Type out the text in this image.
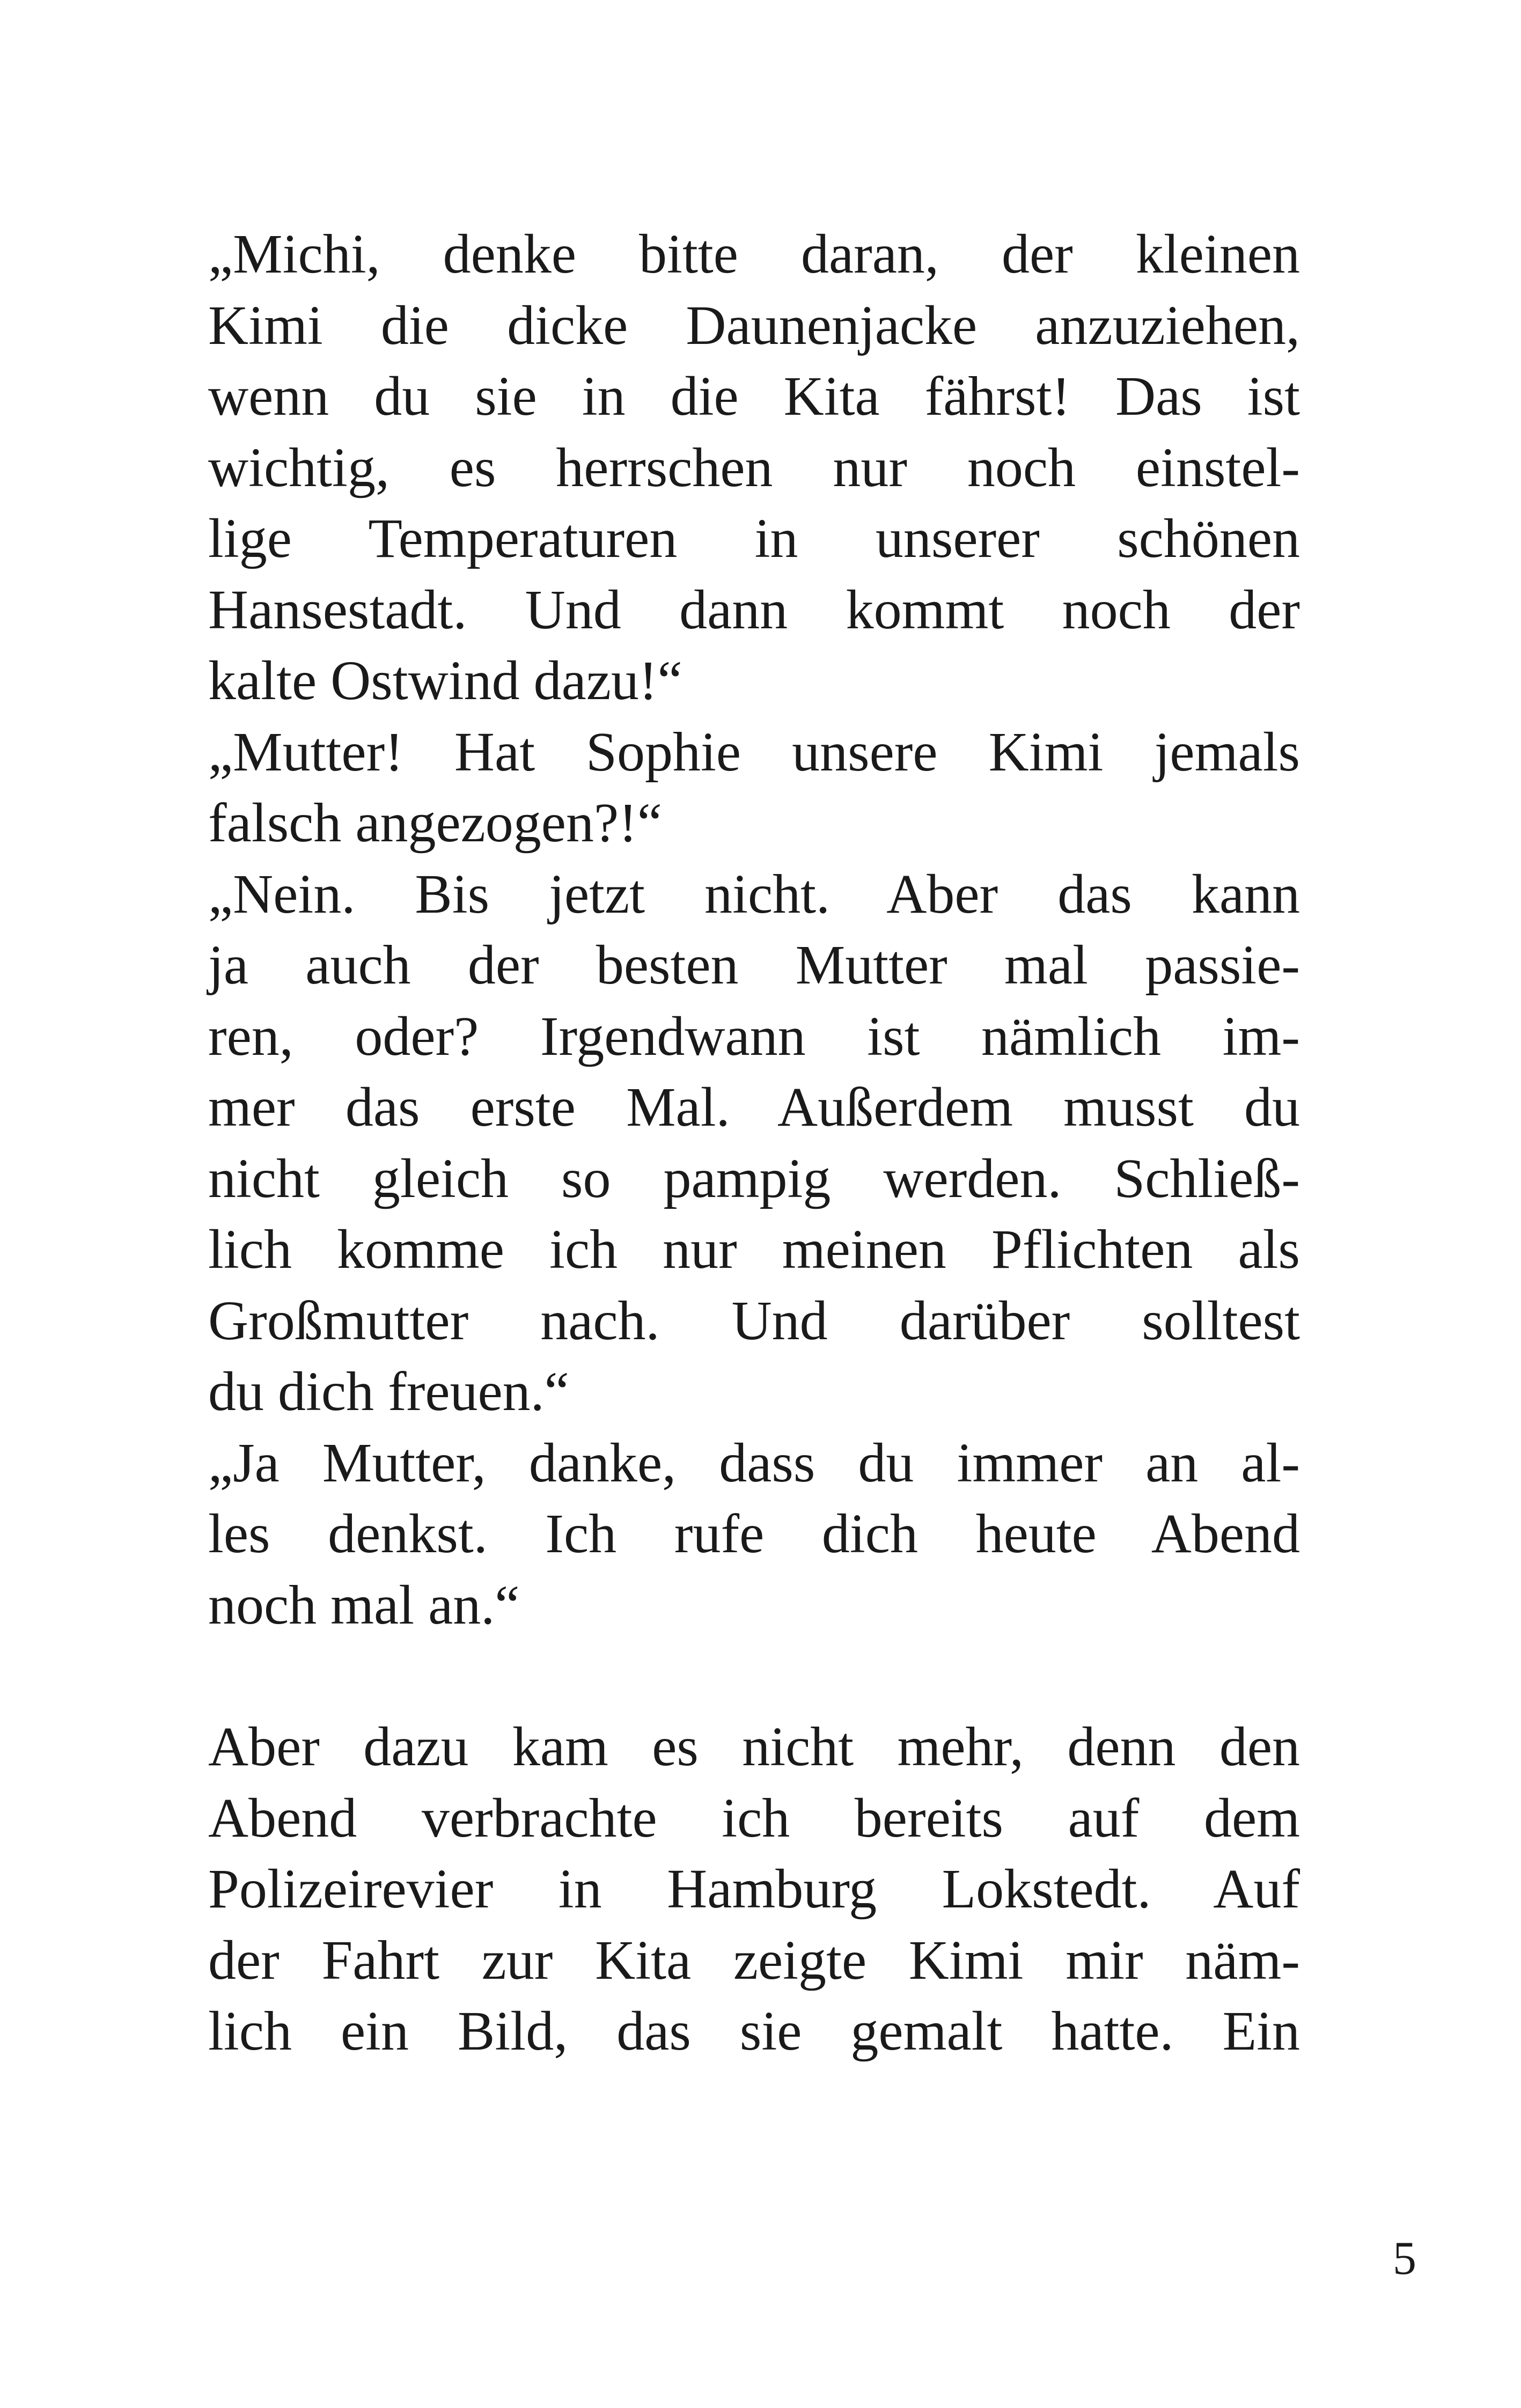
„Michi, denke bitte daran, der kleinen
Kimi die dicke Daunenjacke anzuziehen,
wenn du sie in die Kita fährst! Das ist
wichtig, es herrschen nur noch einstel-
lige Temperaturen in unserer schönen
Hansestadt. Und dann kommt noch der
kalte Ostwind dazu!“
„Mutter! Hat Sophie unsere Kimi jemals
falsch angezogen?!“
„Nein. Bis jetzt nicht. Aber das kann
ja auch der besten Mutter mal passie-
ren, oder? Irgendwann ist nämlich im-
mer das erste Mal. Außerdem musst du
nicht gleich so pampig werden. Schließ-
lich komme ich nur meinen Pflichten als
Großmutter nach. Und darüber solltest
du dich freuen.“
„Ja Mutter, danke, dass du immer an al-
les denkst. Ich rufe dich heute Abend
noch mal an.“
Aber dazu kam es nicht mehr, denn den
Abend verbrachte ich bereits auf dem
Polizeirevier in Hamburg Lokstedt. Auf
der Fahrt zur Kita zeigte Kimi mir näm-
lich ein Bild, das sie gemalt hatte. Ein
5
